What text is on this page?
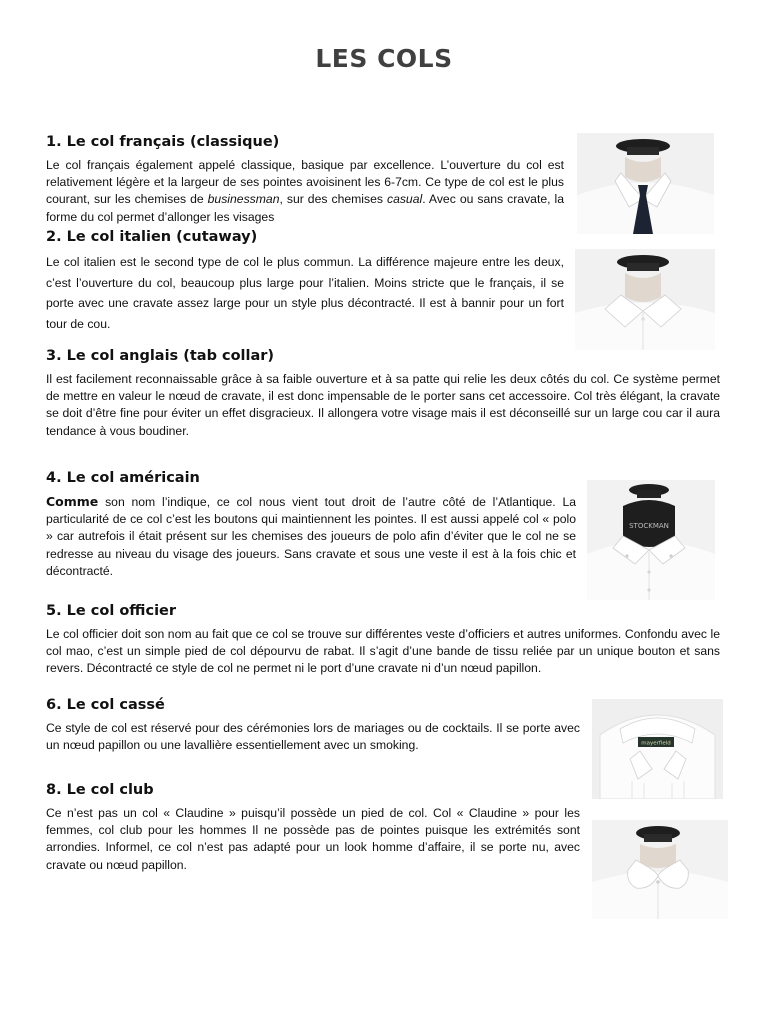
LES COLS
1. Le col français (classique)

Le col français également appelé classique, basique par excellence. L’ouverture du col est relativement légère et la largeur de ses pointes avoisinent les 6-7cm. Ce type de col est le plus courant, sur les chemises de businessman, sur des chemises casual. Avec ou sans cravate, la forme du col permet d’allonger les visages

2. Le col italien (cutaway)

Le col italien est le second type de col le plus commun. La différence majeure entre les deux, c’est l’ouverture du col, beaucoup plus large pour l’italien. Moins stricte que le français, il se porte avec une cravate assez large pour un style plus décontracté. Il est à bannir pour un fort tour de cou.

3. Le col anglais (tab collar)

Il est facilement reconnaissable grâce à sa faible ouverture et à sa patte qui relie les deux côtés du col. Ce système permet de mettre en valeur le nœud de cravate, il est donc impensable de le porter sans cet accessoire. Col très élégant, la cravate se doit d’être fine pour éviter un effet disgracieux. Il allongera votre visage mais il est déconseillé sur un large cou car il aura tendance à vous boudiner.

4. Le col américain

Comme son nom l’indique, ce col nous vient tout droit de l’autre côté de l’Atlantique. La particularité de ce col c’est les boutons qui maintiennent les pointes. Il est aussi appelé col « polo » car autrefois il était présent sur les chemises des joueurs de polo afin d’éviter que le col ne se redresse au niveau du visage des joueurs. Sans cravate et sous une veste il est à la fois chic et décontracté.

5. Le col officier

Le col officier doit son nom au fait que ce col se trouve sur différentes veste d’officiers et autres uniformes. Confondu avec le col mao, c’est un simple pied de col dépourvu de rabat. Il s’agit d’une bande de tissu reliée par un unique bouton et sans revers. Décontracté ce style de col ne permet ni le port d’une cravate ni d’un nœud papillon.

6. Le col cassé

Ce style de col est réservé pour des cérémonies lors de mariages ou de cocktails. Il se porte avec un nœud papillon ou une lavallière essentiellement avec un smoking.

8. Le col club

Ce n’est pas un col « Claudine » puisqu’il possède un pied de col. Col « Claudine » pour les femmes, col club pour les hommes Il ne possède pas de pointes puisque les extrémités sont arrondies. Informel, ce col n’est pas adapté pour un look homme d’affaire, il se porte nu, avec cravate ou nœud papillon.

STOCKMAN
mayerfield
